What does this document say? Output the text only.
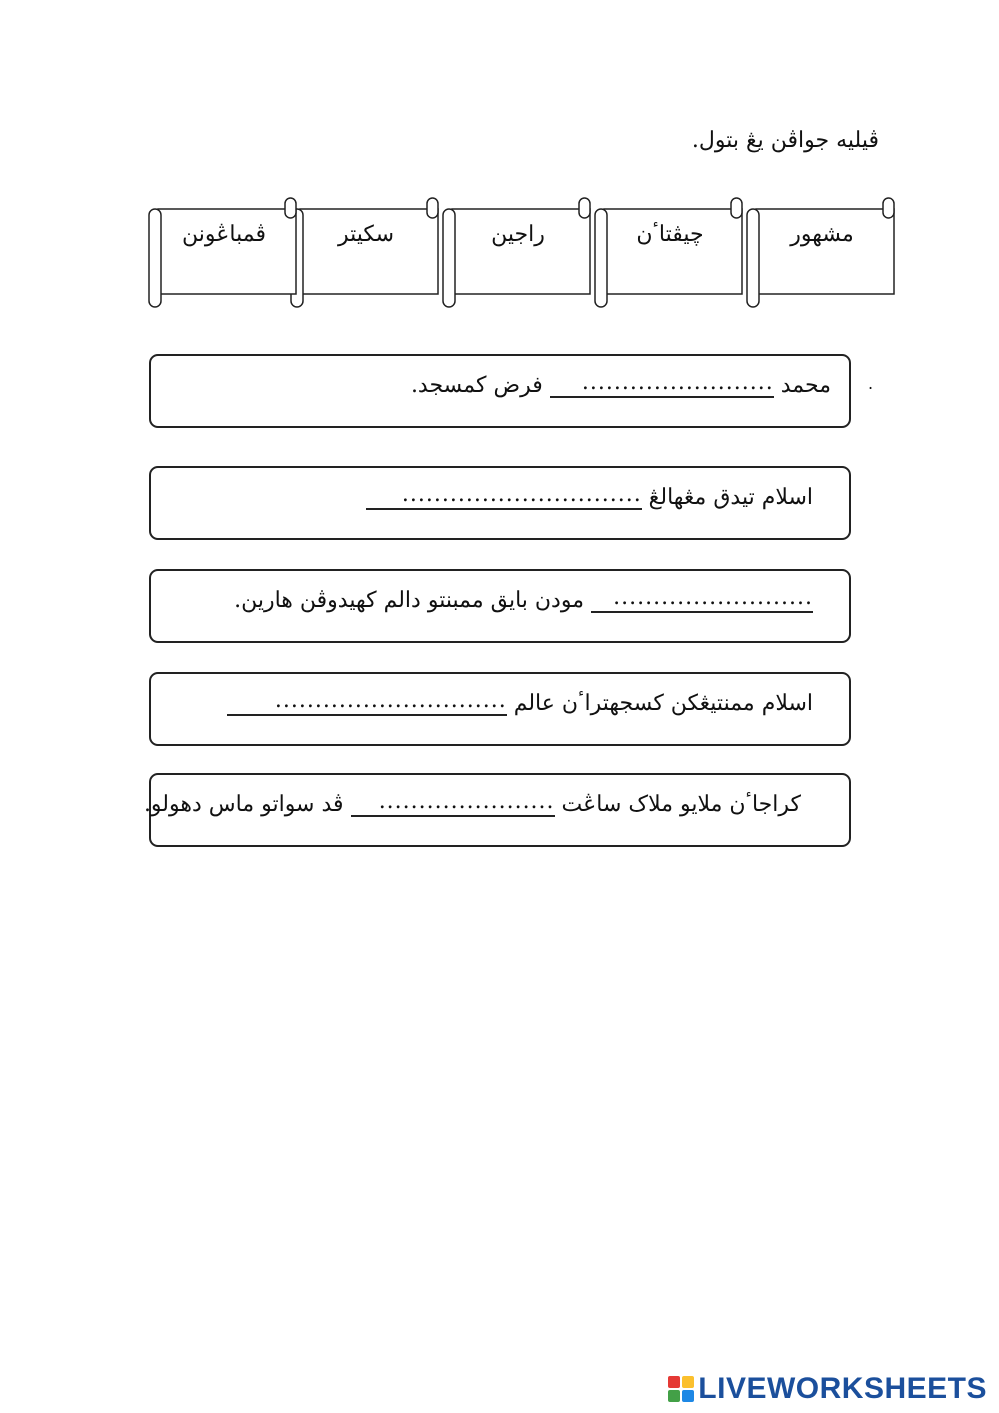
ڤيليه جواڤن يڠ بتول.
مشهور
چيڤتاٴن
راجين
سکيتر
ڤمباڠونن
.
محمد ........................ فرض کمسجد.
اسلام تيدق مڠهالڠ ..............................
......................... مودن بايق ممبنتو دالم کهيدوڤن هارين.
اسلام ممنتيڠکن کسجهتراٴن عالم .............................
کراجاٴن ملايو ملاک ساڠت ...................... ڤد سواتو ماس دهولو.
LIVEWORKSHEETS
